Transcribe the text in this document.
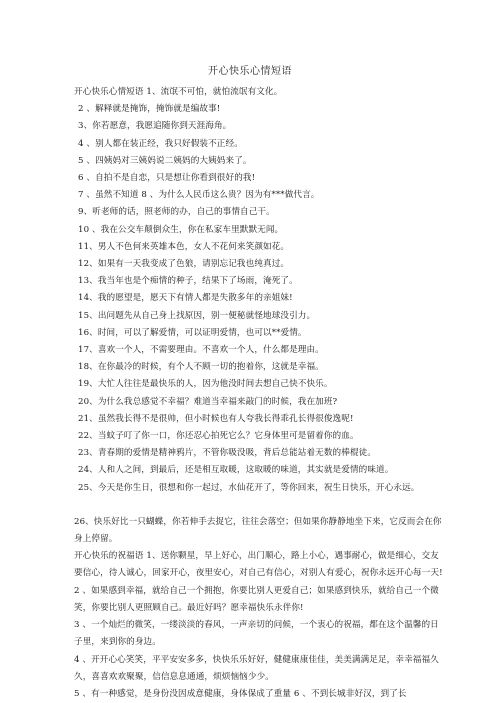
开心快乐心情短语
开心快乐心情短语 1、流氓不可怕，就怕流氓有文化。
2 、解释就是掩饰，掩饰就是编故事!
3、你若愿意，我愿追随你到天涯海角。
4 、别人都在装正经，我只好假装不正经。
5 、四姨妈对三姨妈说二姨妈的大姨妈来了。
6 、自拍不是自恋，只是想让你看到很好的我!
7 、虽然不知道 8 、为什么人民币这么贵？因为有***做代言。
9、听老师的话，照老师的办，自己的事情自己干。
10 、我在公交车颠倒众生，你在私家车里默默无闻。
11、男人不色何来英雄本色，女人不花何来笑颜如花。
12、如果有一天我变成了色狼，请别忘记我也纯真过。
13、我当年也是个痴情的种子，结果下了场雨，淹死了。
14、我的愿望是，愿天下有情人都是失散多年的亲姐妹!
15、出问题先从自己身上找原因，别一便秘就怪地球没引力。
16、时间，可以了解爱情，可以证明爱情，也可以**爱情。
17、喜欢一个人，不需要理由。不喜欢一个人，什么都是理由。
18、在你最冷的时候，有个人不顾一切的抱着你，这就是幸福。
19、大忙人往往是最快乐的人，因为他没时间去想自己快不快乐。
20、为什么我总感觉不幸福？难道当幸福来敲门的时候，我在加班?
21、虽然我长得不是很帅，但小时候也有人夸我长得乖孔长得很俊逸呢!
22、当蚊子叮了你一口，你还忍心拍死它么？它身体里可是留着你的血。
23、青春期的爱情是精神鸦片，不管你吸没吸，背后总能站着无数的棒棍徒。
24、人和人之间，到最后，还是相互取暖，这取暖的味道，其实就是爱情的味道。
25、今天是你生日，很想和你一起过，水仙花开了，等你回来，祝生日快乐，开心永远。
26、快乐好比一只蝴蝶，你若伸手去捉它，往往会落空；但如果你静静地坐下来，它反而会在你身上停留。
开心快乐的祝福语 1、送你颗星，早上好心，出门顺心，路上小心，遇事耐心，做是细心，交友要信心，待人诚心，回家开心，夜里安心，对自己有信心，对别人有爱心，祝你永远开心每一天!
2 、如果感到幸福，就给自己一个拥抱，你要比别人更爱自己；如果感到快乐，就给自己一个微笑，你要比别人更照顾自己。最近好吗？愿幸福快乐永伴你!
3 、一个灿烂的微笑，一缕淡淡的春风，一声亲切的问候，一个衷心的祝福，都在这个温馨的日子里，来到你的身边。
4 、开开心心笑笑，平平安安多多，快快乐乐好好，健健康康佳佳，美美满满足足，幸幸福福久久，喜喜欢欢聚聚，信信息息通通，烦烦恼恼少少。
5 、有一种感觉，是身份没因成意健康，身体保成了重量 6 、不到长城非好汉，到了长
